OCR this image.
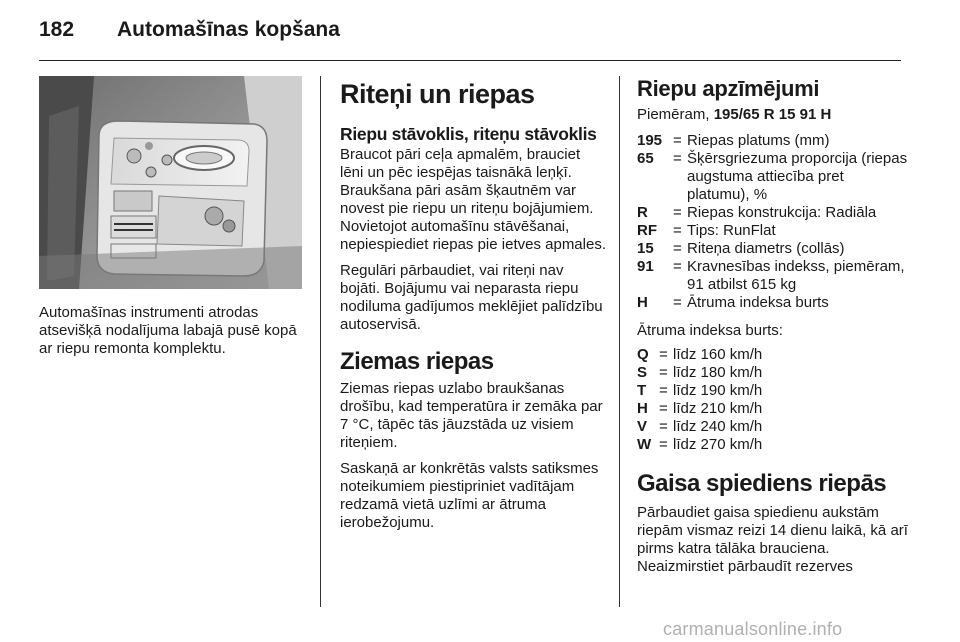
182 Automašīnas kopšana
Automašīnas instrumenti atrodas atsevišķā nodalījuma labajā pusē kopā ar riepu remonta komplektu.
Riteņi un riepas
Riepu stāvoklis, riteņu stāvoklis

Braucot pāri ceļa apmalēm, brauciet lēni un pēc iespējas taisnākā leņķī. Braukšana pāri asām šķautnēm var novest pie riepu un riteņu bojājumiem. Novietojot automašīnu stāvēšanai, nepiespiediet riepas pie ietves apmales.

Regulāri pārbaudiet, vai riteņi nav bojāti. Bojājumu vai neparasta riepu nodiluma gadījumos meklējiet palīdzību autoservisā.

Ziemas riepas

Ziemas riepas uzlabo braukšanas drošību, kad temperatūra ir zemāka par 7 °C, tāpēc tās jāuzstāda uz visiem riteņiem.

Saskaņā ar konkrētās valsts satiksmes noteikumiem piestipriniet vadītājam redzamā vietā uzlīmi ar ātruma ierobežojumu.

Riepu apzīmējumi
Piemēram, 195/65 R 15 91 H
195 = Riepas platums (mm)
65	= Šķērsgriezuma proporcija (riepas augstuma attiecība pret platumu), %
R	= Riepas konstrukcija: Radiāla
RF	= Tips: RunFlat
15	= Riteņa diametrs (collās)
91	= Kravnesības indekss, piemēram, 91 atbilst 615 kg
H	= Ātruma indeksa burts
Ātruma indeksa burts:
Q = līdz 160 km/h
S = līdz 180 km/h
T = līdz 190 km/h
H = līdz 210 km/h
V = līdz 240 km/h
W = līdz 270 km/h
Gaisa spiediens riepās

Pārbaudiet gaisa spiedienu aukstām riepām vismaz reizi 14 dienu laikā, kā arī pirms katra tālāka brauciena. Neaizmirstiet pārbaudīt rezerves

carmanualsonline.info
